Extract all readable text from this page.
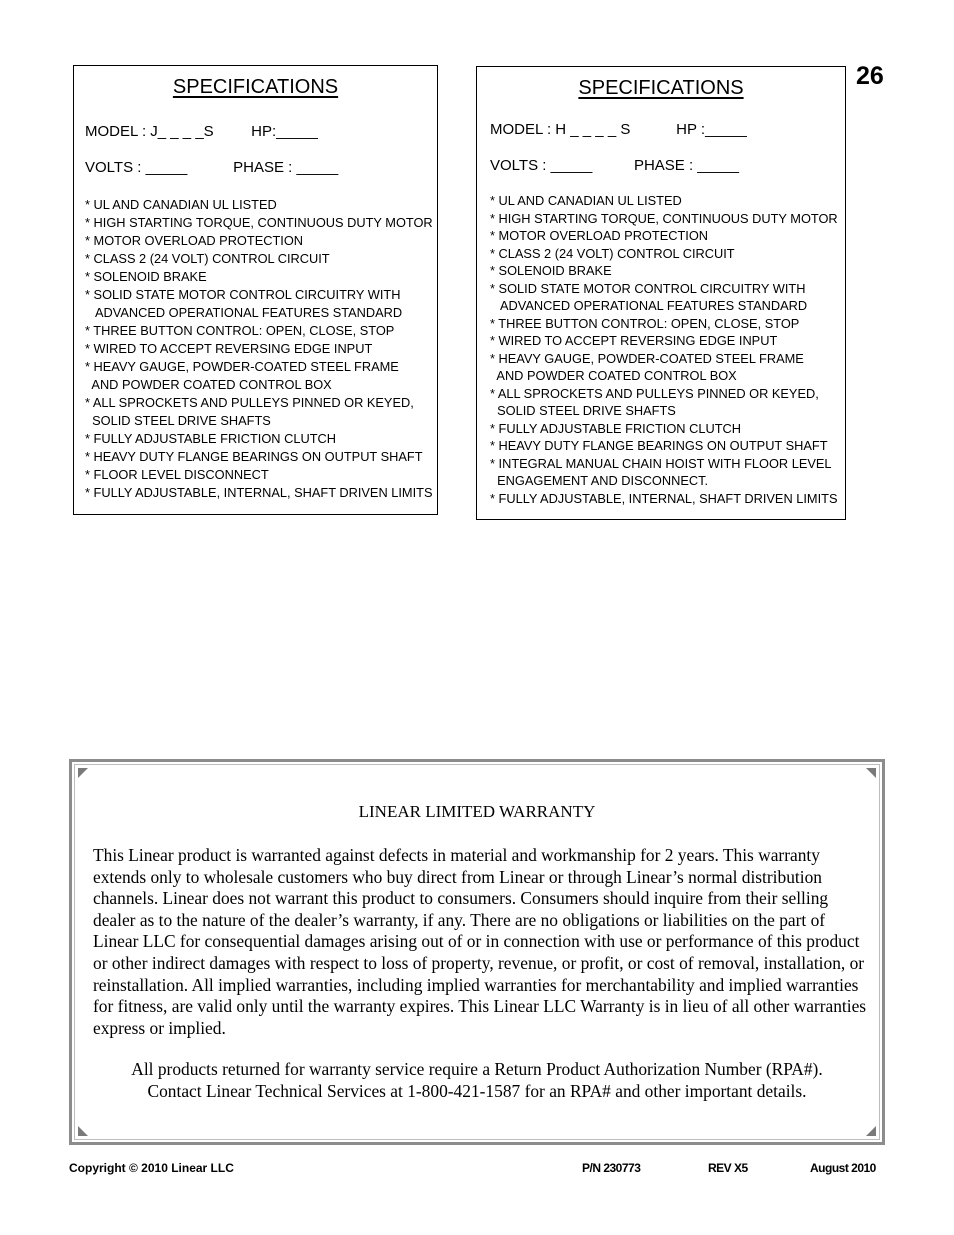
26
SPECIFICATIONS
MODEL : J_ _ _ _S         HP:_____
VOLTS : _____           PHASE : _____
* UL AND CANADIAN UL LISTED
* HIGH STARTING TORQUE, CONTINUOUS DUTY MOTOR
* MOTOR OVERLOAD PROTECTION
* CLASS 2 (24 VOLT) CONTROL CIRCUIT
* SOLENOID BRAKE
* SOLID STATE MOTOR CONTROL CIRCUITRY WITH
ADVANCED OPERATIONAL FEATURES STANDARD
* THREE BUTTON CONTROL: OPEN, CLOSE, STOP
* WIRED TO ACCEPT REVERSING EDGE INPUT
* HEAVY GAUGE, POWDER-COATED STEEL FRAME
AND POWDER COATED CONTROL BOX
* ALL SPROCKETS AND PULLEYS PINNED OR KEYED,
SOLID STEEL DRIVE SHAFTS
* FULLY ADJUSTABLE FRICTION CLUTCH
* HEAVY DUTY FLANGE BEARINGS ON OUTPUT SHAFT
* FLOOR LEVEL DISCONNECT
* FULLY ADJUSTABLE, INTERNAL, SHAFT DRIVEN LIMITS
SPECIFICATIONS
MODEL : H _ _ _ _ S           HP :_____
VOLTS : _____          PHASE : _____
* UL AND CANADIAN UL LISTED
* HIGH STARTING TORQUE, CONTINUOUS DUTY MOTOR
* MOTOR OVERLOAD PROTECTION
* CLASS 2 (24 VOLT) CONTROL CIRCUIT
* SOLENOID BRAKE
* SOLID STATE MOTOR CONTROL CIRCUITRY WITH
ADVANCED OPERATIONAL FEATURES STANDARD
* THREE BUTTON CONTROL: OPEN, CLOSE, STOP
* WIRED TO ACCEPT REVERSING EDGE INPUT
* HEAVY GAUGE, POWDER-COATED STEEL FRAME
AND POWDER COATED CONTROL BOX
* ALL SPROCKETS AND PULLEYS PINNED OR KEYED,
SOLID STEEL DRIVE SHAFTS
* FULLY ADJUSTABLE FRICTION CLUTCH
* HEAVY DUTY FLANGE BEARINGS ON OUTPUT SHAFT
* INTEGRAL MANUAL CHAIN HOIST WITH FLOOR LEVEL
ENGAGEMENT AND DISCONNECT.
* FULLY ADJUSTABLE, INTERNAL, SHAFT DRIVEN LIMITS
LINEAR LIMITED WARRANTY
This Linear product is warranted against defects in material and workmanship for 2 years. This warranty extends only to wholesale customers who buy direct from Linear or through Linear’s normal distribution channels. Linear does not warrant this product to consumers. Consumers should inquire from their selling dealer as to the nature of the dealer’s warranty, if any. There are no obligations or liabilities on the part of Linear LLC for consequential damages arising out of or in connection with use or performance of this product or other indirect damages with respect to loss of property, revenue, or profit, or cost of removal, installation, or reinstallation. All implied warranties, including implied warranties for merchantability and implied warranties for fitness, are valid only until the warranty expires. This Linear LLC Warranty is in lieu of all other warranties express or implied.
All products returned for warranty service require a Return Product Authorization Number (RPA#).
Contact Linear Technical Services at 1-800-421-1587 for an RPA# and other important details.
Copyright © 2010 Linear LLC	P/N 230773	REV X5	August 2010
